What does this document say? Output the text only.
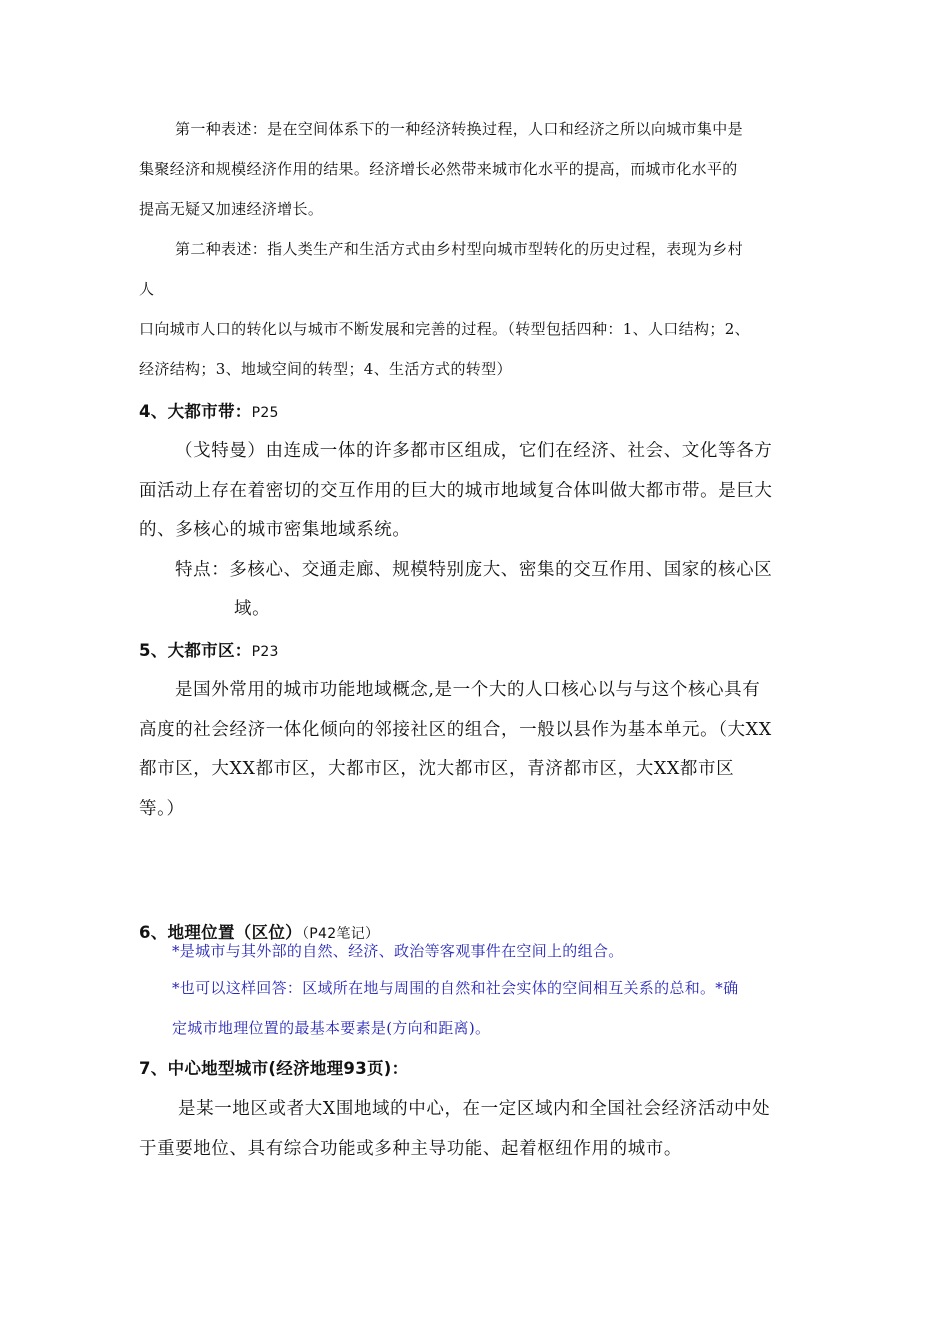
第一种表述：是在空间体系下的一种经济转换过程，人口和经济之所以向城市集中是

集聚经济和规模经济作用的结果。经济增长必然带来城市化水平的提高，而城市化水平的

提高无疑又加速经济增长。

第二种表述：指人类生产和生活方式由乡村型向城市型转化的历史过程，表现为乡村

人

口向城市人口的转化以与城市不断发展和完善的过程。（转型包括四种：1、人口结构；2、

经济结构；3、地域空间的转型；4、生活方式的转型）

4、大都市带：P25

（戈特曼）由连成一体的许多都市区组成，它们在经济、社会、文化等各方

面活动上存在着密切的交互作用的巨大的城市地域复合体叫做大都市带。是巨大

的、多核心的城市密集地域系统。

特点：多核心、交通走廊、规模特别庞大、密集的交互作用、国家的核心区

域。

5、大都市区：P23

是国外常用的城市功能地域概念,是一个大的人口核心以与与这个核心具有

高度的社会经济一体化倾向的邻接社区的组合，一般以县作为基本单元。（大XX

都市区，大XX都市区，大都市区，沈大都市区，青济都市区，大XX都市区

等。）

6、地理位置（区位）（P42笔记）

*是城市与其外部的自然、经济、政治等客观事件在空间上的组合。

*也可以这样回答：区域所在地与周围的自然和社会实体的空间相互关系的总和。*确

定城市地理位置的最基本要素是(方向和距离)。

7、中心地型城市(经济地理93页)：

是某一地区或者大X围地域的中心，在一定区域内和全国社会经济活动中处

于重要地位、具有综合功能或多种主导功能、起着枢纽作用的城市。
